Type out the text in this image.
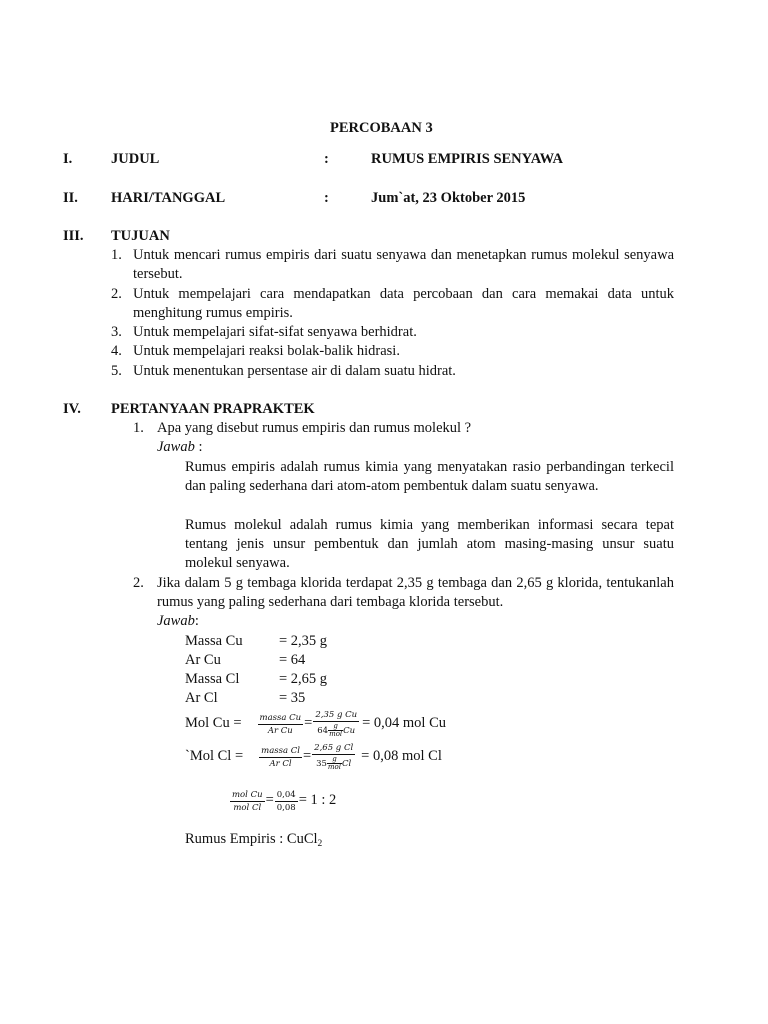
PERCOBAAN 3
I.	JUDUL	:	RUMUS EMPIRIS SENYAWA
II. HARI/TANGGAL	:	Jum`at, 23 Oktober 2015
III. TUJUAN
1. Untuk mencari rumus empiris dari suatu senyawa dan menetapkan rumus molekul senyawa tersebut.
2. Untuk mempelajari cara mendapatkan data percobaan dan cara memakai data untuk menghitung rumus empiris.
3. Untuk mempelajari sifat-sifat senyawa berhidrat.
4. Untuk mempelajari reaksi bolak-balik hidrasi.
5. Untuk menentukan persentase air di dalam suatu hidrat.
IV. PERTANYAAN PRAPRAKTEK
1. Apa yang disebut rumus empiris dan rumus molekul ?
Jawab :
Rumus empiris adalah rumus kimia yang menyatakan rasio perbandingan terkecil dan paling sederhana dari atom-atom pembentuk dalam suatu senyawa.
Rumus molekul adalah rumus kimia yang memberikan informasi secara tepat tentang jenis unsur pembentuk dan jumlah atom masing-masing unsur suatu molekul senyawa.
2. Jika dalam 5 g tembaga klorida terdapat 2,35 g tembaga dan 2,65 g klorida, tentukanlah rumus yang paling sederhana dari tembaga klorida tersebut.
Jawab:
Massa Cu	= 2,35 g
Ar Cu	= 64
Massa Cl	= 2,65 g
Ar Cl	= 35
Mol $Cu = \frac{\text{massa Cu}}{\text{Ar Cu}} = \frac{\text{2,35 g Cu}}{64 \frac{g}{\text{mol}} Cu} = 0,04$ mol Cu
`Mol $Cl = \frac{\text{massa Cl}}{\text{Ar Cl}} = \frac{\text{2,65 g Cl}}{35 \frac{g}{\text{mol}} Cl} = 0,08$ mol Cl
$\frac{\text{mol Cu}}{\text{mol Cl}} = \frac{0,04}{0,08} = 1$ : 2
Rumus Empiris : CuCl$_2$
